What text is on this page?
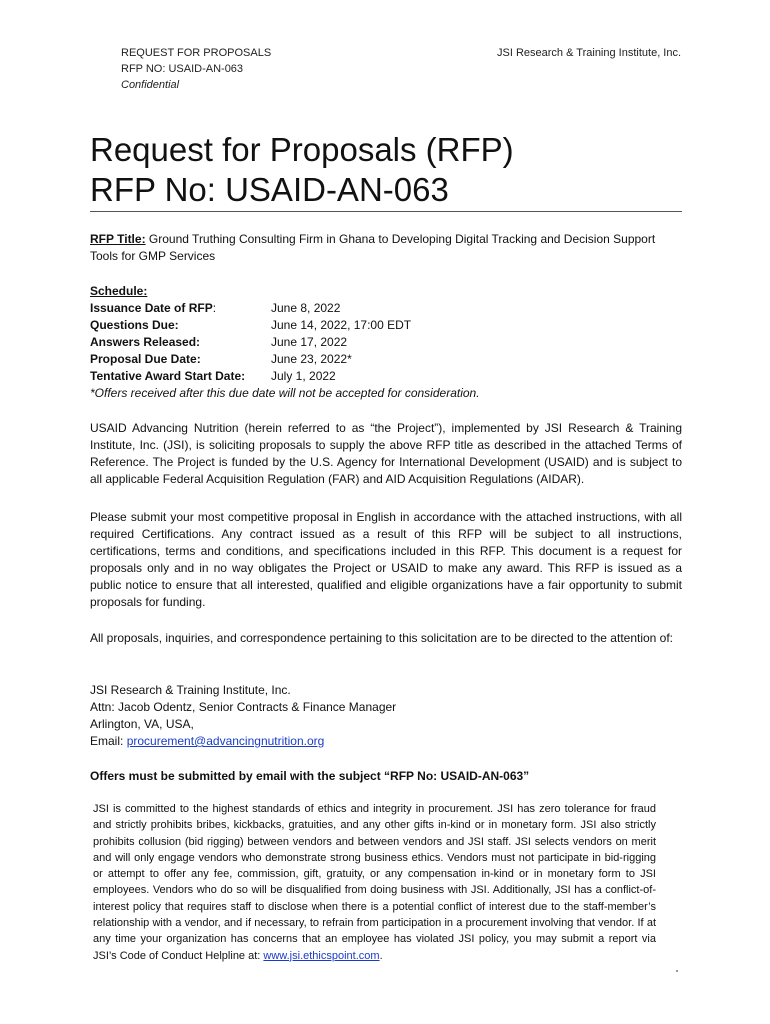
REQUEST FOR PROPOSALS
RFP NO: USAID-AN-063
Confidential
JSI Research & Training Institute, Inc.
Request for Proposals (RFP)
RFP No: USAID-AN-063
RFP Title: Ground Truthing Consulting Firm in Ghana to Developing Digital Tracking and Decision Support Tools for GMP Services
Schedule:
Issuance Date of RFP:	June 8, 2022
Questions Due:	June 14, 2022, 17:00 EDT
Answers Released:	June 17, 2022
Proposal Due Date:	June 23, 2022*
Tentative Award Start Date:	July 1, 2022
*Offers received after this due date will not be accepted for consideration.
USAID Advancing Nutrition (herein referred to as “the Project”), implemented by JSI Research & Training Institute, Inc. (JSI), is soliciting proposals to supply the above RFP title as described in the attached Terms of Reference. The Project is funded by the U.S. Agency for International Development (USAID) and is subject to all applicable Federal Acquisition Regulation (FAR) and AID Acquisition Regulations (AIDAR).
Please submit your most competitive proposal in English in accordance with the attached instructions, with all required Certifications. Any contract issued as a result of this RFP will be subject to all instructions, certifications, terms and conditions, and specifications included in this RFP. This document is a request for proposals only and in no way obligates the Project or USAID to make any award. This RFP is issued as a public notice to ensure that all interested, qualified and eligible organizations have a fair opportunity to submit proposals for funding.
All proposals, inquiries, and correspondence pertaining to this solicitation are to be directed to the attention of:
JSI Research & Training Institute, Inc.
Attn: Jacob Odentz, Senior Contracts & Finance Manager
Arlington, VA, USA,
Email: procurement@advancingnutrition.org
Offers must be submitted by email with the subject “RFP No: USAID-AN-063”
JSI is committed to the highest standards of ethics and integrity in procurement. JSI has zero tolerance for fraud and strictly prohibits bribes, kickbacks, gratuities, and any other gifts in-kind or in monetary form. JSI also strictly prohibits collusion (bid rigging) between vendors and between vendors and JSI staff. JSI selects vendors on merit and will only engage vendors who demonstrate strong business ethics. Vendors must not participate in bid-rigging or attempt to offer any fee, commission, gift, gratuity, or any compensation in-kind or in monetary form to JSI employees. Vendors who do so will be disqualified from doing business with JSI. Additionally, JSI has a conflict-of-interest policy that requires staff to disclose when there is a potential conflict of interest due to the staff-member’s relationship with a vendor, and if necessary, to refrain from participation in a procurement involving that vendor. If at any time your organization has concerns that an employee has violated JSI policy, you may submit a report via JSI’s Code of Conduct Helpline at: www.jsi.ethicspoint.com.
